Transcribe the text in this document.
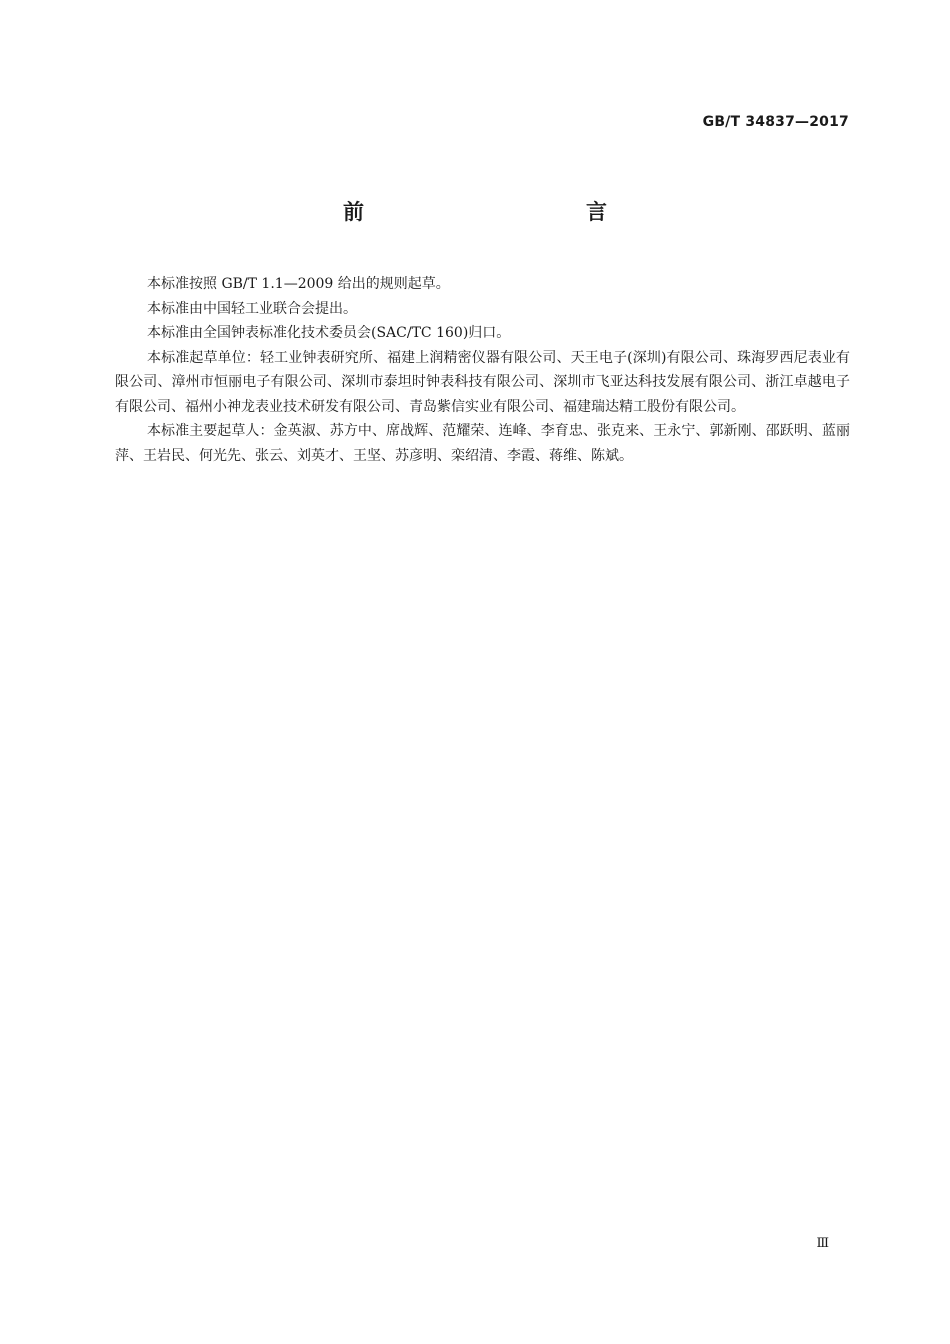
GB/T 34837—2017
前　　言

本标准按照 GB/T 1.1—2009 给出的规则起草。

本标准由中国轻工业联合会提出。

本标准由全国钟表标准化技术委员会(SAC/TC 160)归口。

本标准起草单位：轻工业钟表研究所、福建上润精密仪器有限公司、天王电子(深圳)有限公司、珠海罗西尼表业有限公司、漳州市恒丽电子有限公司、深圳市泰坦时钟表科技有限公司、深圳市飞亚达科技发展有限公司、浙江卓越电子有限公司、福州小神龙表业技术研发有限公司、青岛紫信实业有限公司、福建瑞达精工股份有限公司。

本标准主要起草人：金英淑、苏方中、席战辉、范耀荣、连峰、李育忠、张克来、王永宁、郭新刚、邵跃明、蓝丽萍、王岩民、何光先、张云、刘英才、王坚、苏彦明、栾绍清、李霞、蒋维、陈斌。

Ⅲ
